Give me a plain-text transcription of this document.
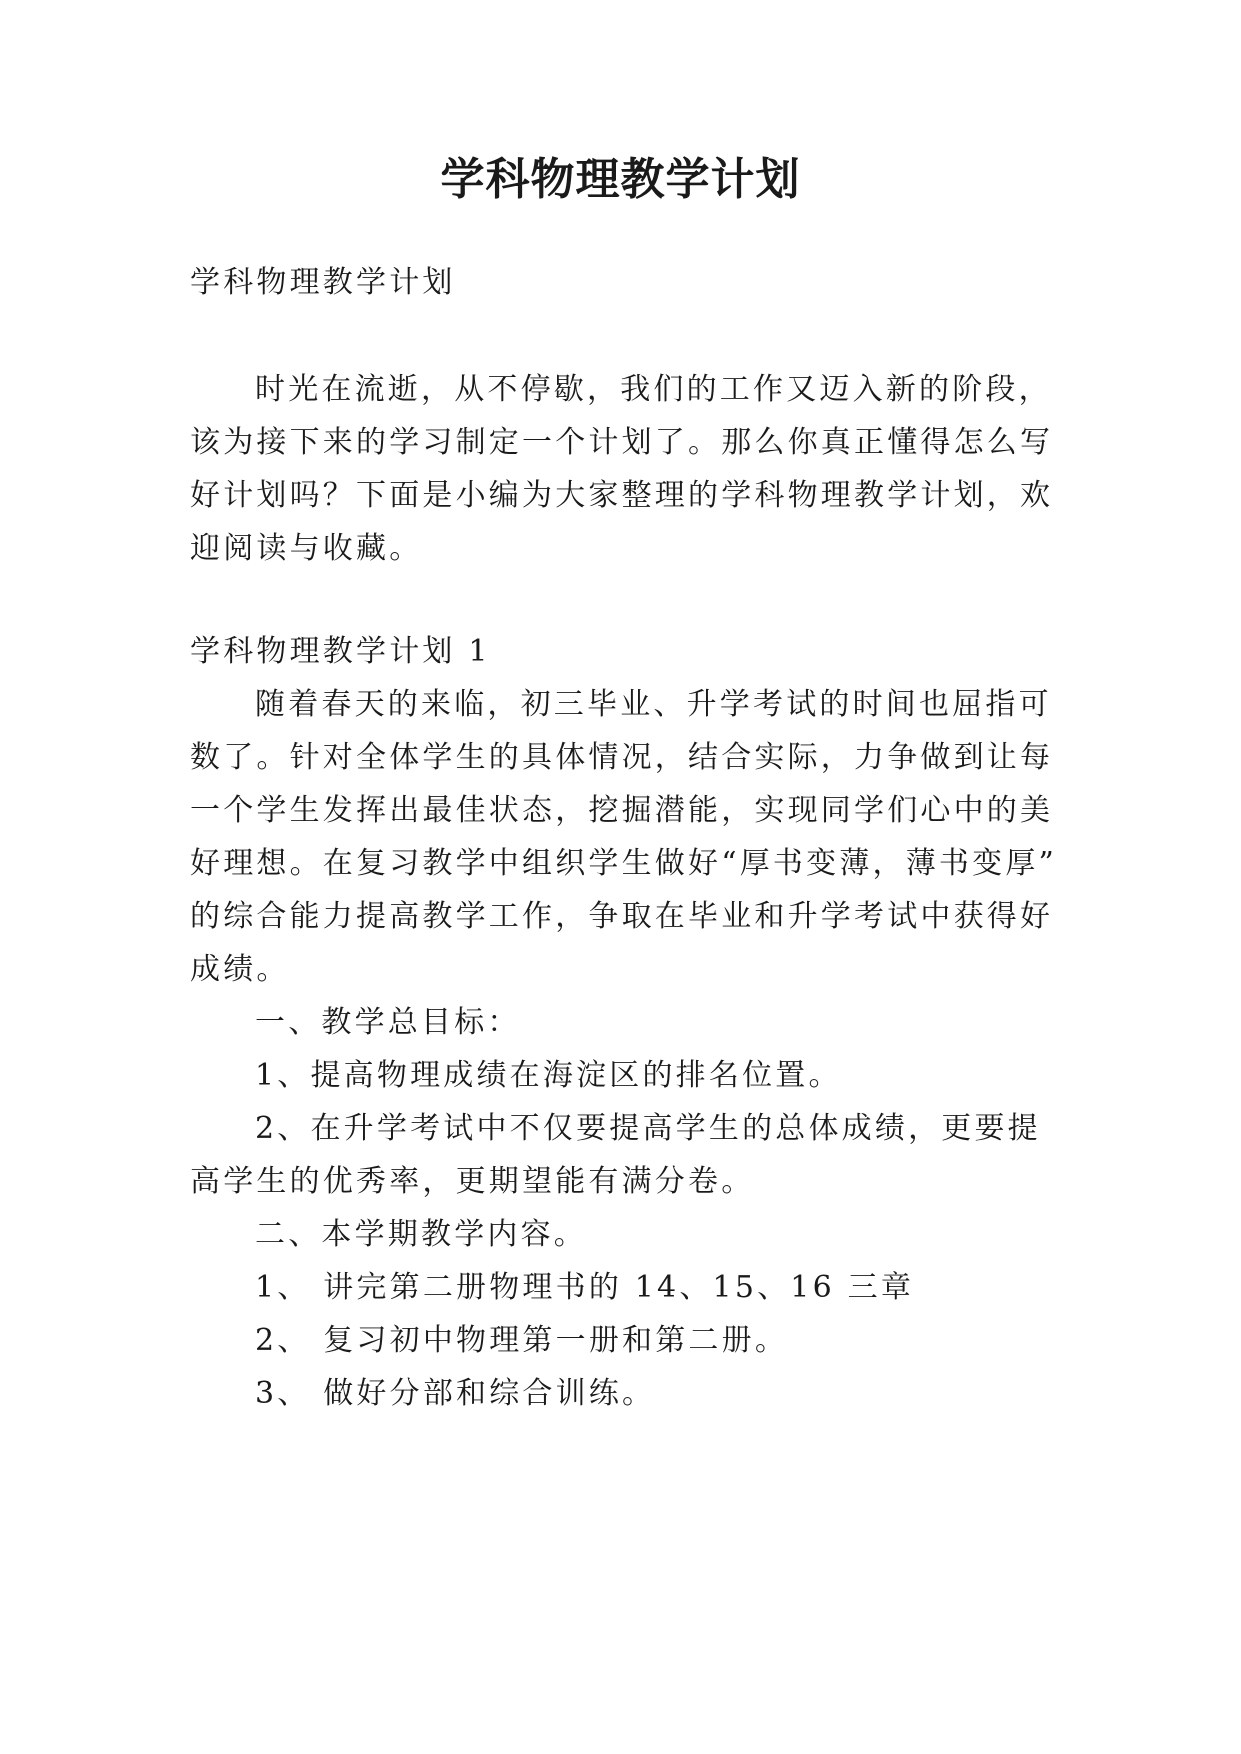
学科物理教学计划
学科物理教学计划
时光在流逝，从不停歇，我们的工作又迈入新的阶段，
该为接下来的学习制定一个计划了。那么你真正懂得怎么写
好计划吗？下面是小编为大家整理的学科物理教学计划，欢
迎阅读与收藏。
学科物理教学计划 1
随着春天的来临，初三毕业、升学考试的时间也屈指可
数了。针对全体学生的具体情况，结合实际，力争做到让每
一个学生发挥出最佳状态，挖掘潜能，实现同学们心中的美
好理想。在复习教学中组织学生做好“厚书变薄，薄书变厚”
的综合能力提高教学工作，争取在毕业和升学考试中获得好
成绩。
一、教学总目标：
1、提高物理成绩在海淀区的排名位置。
2、在升学考试中不仅要提高学生的总体成绩，更要提
高学生的优秀率，更期望能有满分卷。
二、本学期教学内容。
1、 讲完第二册物理书的 14、15、16 三章
2、 复习初中物理第一册和第二册。
3、 做好分部和综合训练。
